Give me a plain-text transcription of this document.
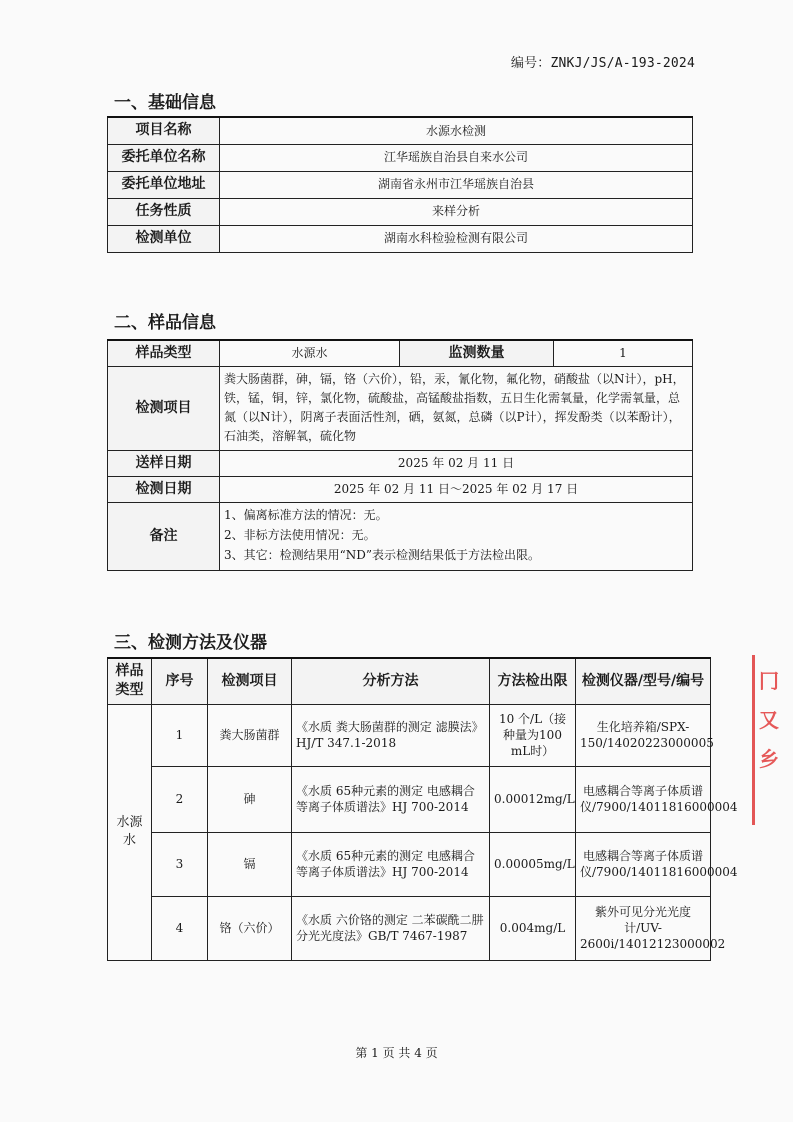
编号：ZNKJ/JS/A-193-2024
一、基础信息
项目名称	水源水检测
委托单位名称	江华瑶族自治县自来水公司
委托单位地址	湖南省永州市江华瑶族自治县
任务性质	来样分析
检测单位	湖南水科检验检测有限公司
二、样品信息
样品类型	水源水	监测数量	1
检测项目	粪大肠菌群，砷，镉，铬（六价），铅，汞，氰化物，氟化物，硝酸盐（以N计），pH，铁，锰，铜，锌，氯化物，硫酸盐，高锰酸盐指数，五日生化需氧量，化学需氧量，总氮（以N计），阴离子表面活性剂，硒，氨氮，总磷（以P计），挥发酚类（以苯酚计），石油类，溶解氧，硫化物		
送样日期	2025 年 02 月 11 日		
检测日期	2025 年 02 月 11 日～2025 年 02 月 17 日		
备注	1、偏离标准方法的情况：无。
2、非标方法使用情况：无。
3、其它：检测结果用“ND”表示检测结果低于方法检出限。		
三、检测方法及仪器
样品类型	序号	检测项目	分析方法	方法检出限	检测仪器/型号/编号
水源水	1	粪大肠菌群	《水质 粪大肠菌群的测定 滤膜法》HJ/T 347.1-2018	10 个/L（接种量为100 mL时）	生化培养箱/SPX-150/14020223000005
	2	砷	《水质 65种元素的测定 电感耦合等离子体质谱法》HJ 700-2014	0.00012mg/L	电感耦合等离子体质谱仪/7900/14011816000004
	3	镉	《水质 65种元素的测定 电感耦合等离子体质谱法》HJ 700-2014	0.00005mg/L	电感耦合等离子体质谱仪/7900/14011816000004
	4	铬（六价）	《水质 六价铬的测定 二苯碳酰二肼分光光度法》GB/T 7467-1987	0.004mg/L	紫外可见分光光度计/UV-2600i/14012123000002
冂
又
乡
第 1 页 共 4 页
